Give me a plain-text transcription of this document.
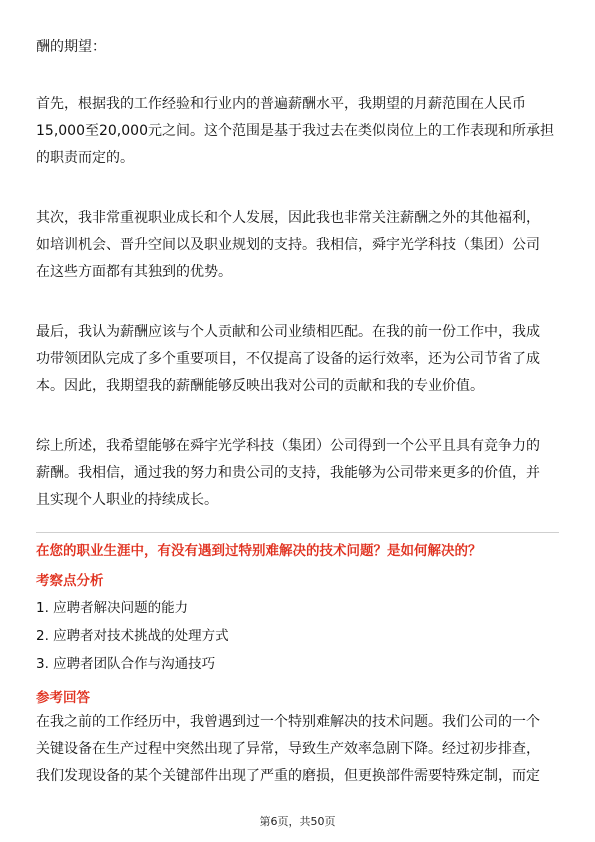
酬的期望：

首先，根据我的工作经验和行业内的普遍薪酬水平，我期望的月薪范围在人民币
15,000至20,000元之间。这个范围是基于我过去在类似岗位上的工作表现和所承担
的职责而定的。

其次，我非常重视职业成长和个人发展，因此我也非常关注薪酬之外的其他福利，
如培训机会、晋升空间以及职业规划的支持。我相信，舜宇光学科技（集团）公司
在这些方面都有其独到的优势。

最后，我认为薪酬应该与个人贡献和公司业绩相匹配。在我的前一份工作中，我成
功带领团队完成了多个重要项目，不仅提高了设备的运行效率，还为公司节省了成
本。因此，我期望我的薪酬能够反映出我对公司的贡献和我的专业价值。

综上所述，我希望能够在舜宇光学科技（集团）公司得到一个公平且具有竞争力的
薪酬。我相信，通过我的努力和贵公司的支持，我能够为公司带来更多的价值，并
且实现个人职业的持续成长。

在您的职业生涯中，有没有遇到过特别难解决的技术问题？是如何解决的？
考察点分析
1. 应聘者解决问题的能力
2. 应聘者对技术挑战的处理方式
3. 应聘者团队合作与沟通技巧
参考回答

在我之前的工作经历中，我曾遇到过一个特别难解决的技术问题。我们公司的一个
关键设备在生产过程中突然出现了异常，导致生产效率急剧下降。经过初步排查，
我们发现设备的某个关键部件出现了严重的磨损，但更换部件需要特殊定制，而定

第6页，共50页
